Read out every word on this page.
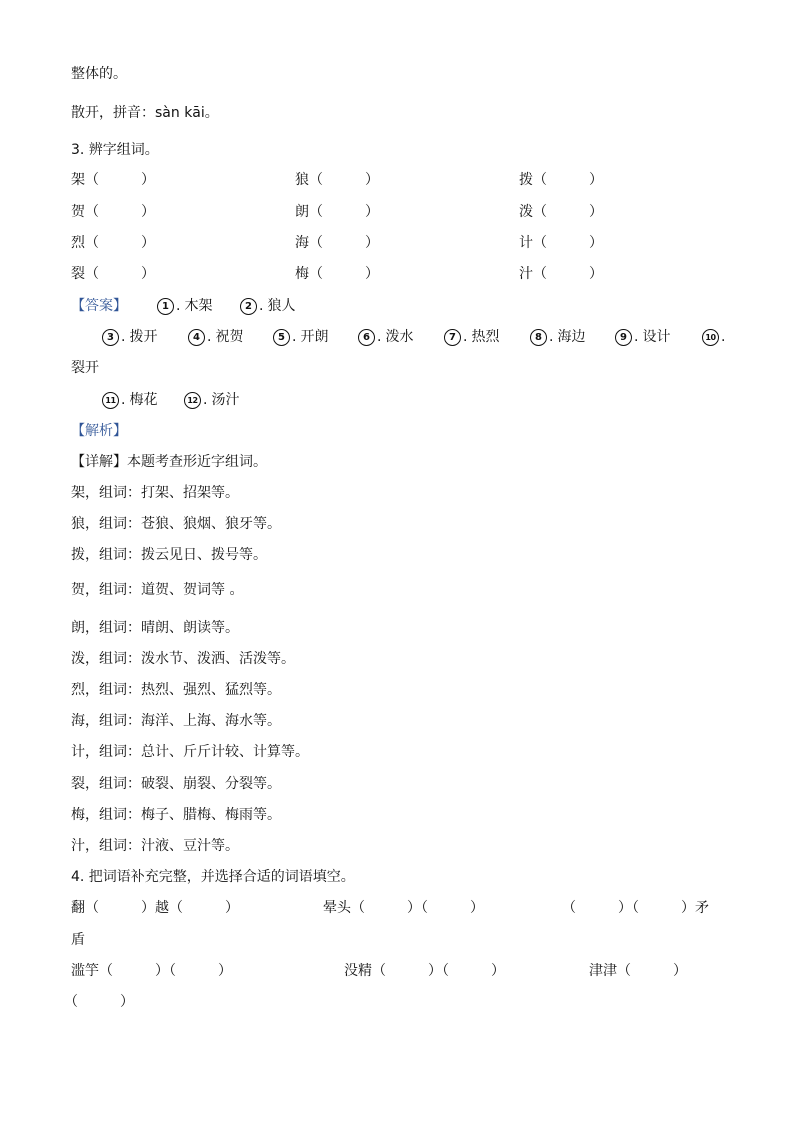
整体的。
散开，拼音：sàn kāi。
3. 辨字组词。
架（　　　）	狼（　　　）	拨（　　　）
贺（　　　）	朗（　　　）	泼（　　　）
烈（　　　）	海（　　　）	计（　　　）
裂（　　　）	梅（　　　）	汁（　　　）
【答案】	1 . 木架	2 . 狼人
3 . 拨开	4 . 祝贺	5 . 开朗	6 . 泼水	7 . 热烈	8 . 海边	9 . 设计	10 .
裂开
11 . 梅花	12 . 汤汁
【解析】
【详解】本题考查形近字组词。
架，组词：打架、招架等。
狼，组词：苍狼、狼烟、狼牙等。
拨，组词：拨云见日、拨号等。
贺，组词：道贺、贺词等 。
朗，组词：晴朗、朗读等。
泼，组词：泼水节、泼洒、活泼等。
烈，组词：热烈、强烈、猛烈等。
海，组词：海洋、上海、海水等。
计，组词：总计、斤斤计较、计算等。
裂，组词：破裂、崩裂、分裂等。
梅，组词：梅子、腊梅、梅雨等。
汁，组词：汁液、豆汁等。
4. 把词语补充完整，并选择合适的词语填空。
翻（　　　）越（　　　）	晕头（　　　）（　　　）	（　　　）（　　　）矛
盾
滥竽（　　　）（　　　）	没精（　　　）（　　　）	津津（　　　）
（　　　）
